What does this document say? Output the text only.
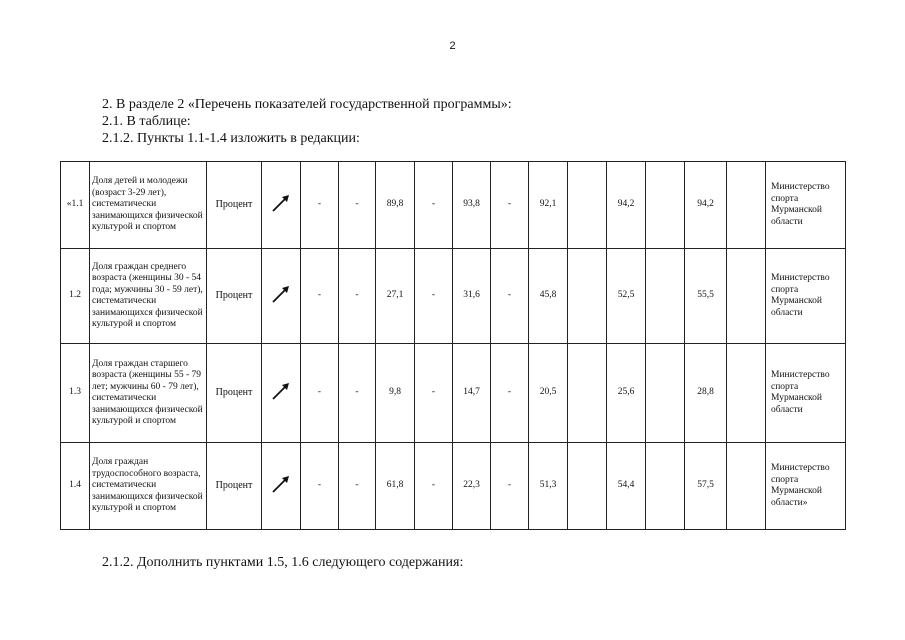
2
2. В разделе 2 «Перечень показателей государственной программы»:
2.1. В таблице:
2.1.2. Пункты 1.1-1.4 изложить в редакции:
«1.1	Доля детей и молодежи (возраст 3-29 лет), систематически занимающихся физической культурой и спортом	Процент		-	-	89,8	-	93,8	-	92,1		94,2		94,2		Министерство спорта Мурманской области
1.2	Доля граждан среднего возраста (женщины 30 - 54 года; мужчины 30 - 59 лет), систематически занимающихся физической культурой и спортом	Процент		-	-	27,1	-	31,6	-	45,8		52,5		55,5		Министерство спорта Мурманской области
1.3	Доля граждан старшего возраста (женщины 55 - 79 лет; мужчины 60 - 79 лет), систематически занимающихся физической культурой и спортом	Процент		-	-	9,8	-	14,7	-	20,5		25,6		28,8		Министерство спорта Мурманской области
1.4	Доля граждан трудоспособного возраста, систематически занимающихся физической культурой и спортом	Процент		-	-	61,8	-	22,3	-	51,3		54,4		57,5		Министерство спорта Мурманской области»
2.1.2. Дополнить пунктами 1.5, 1.6 следующего содержания:
